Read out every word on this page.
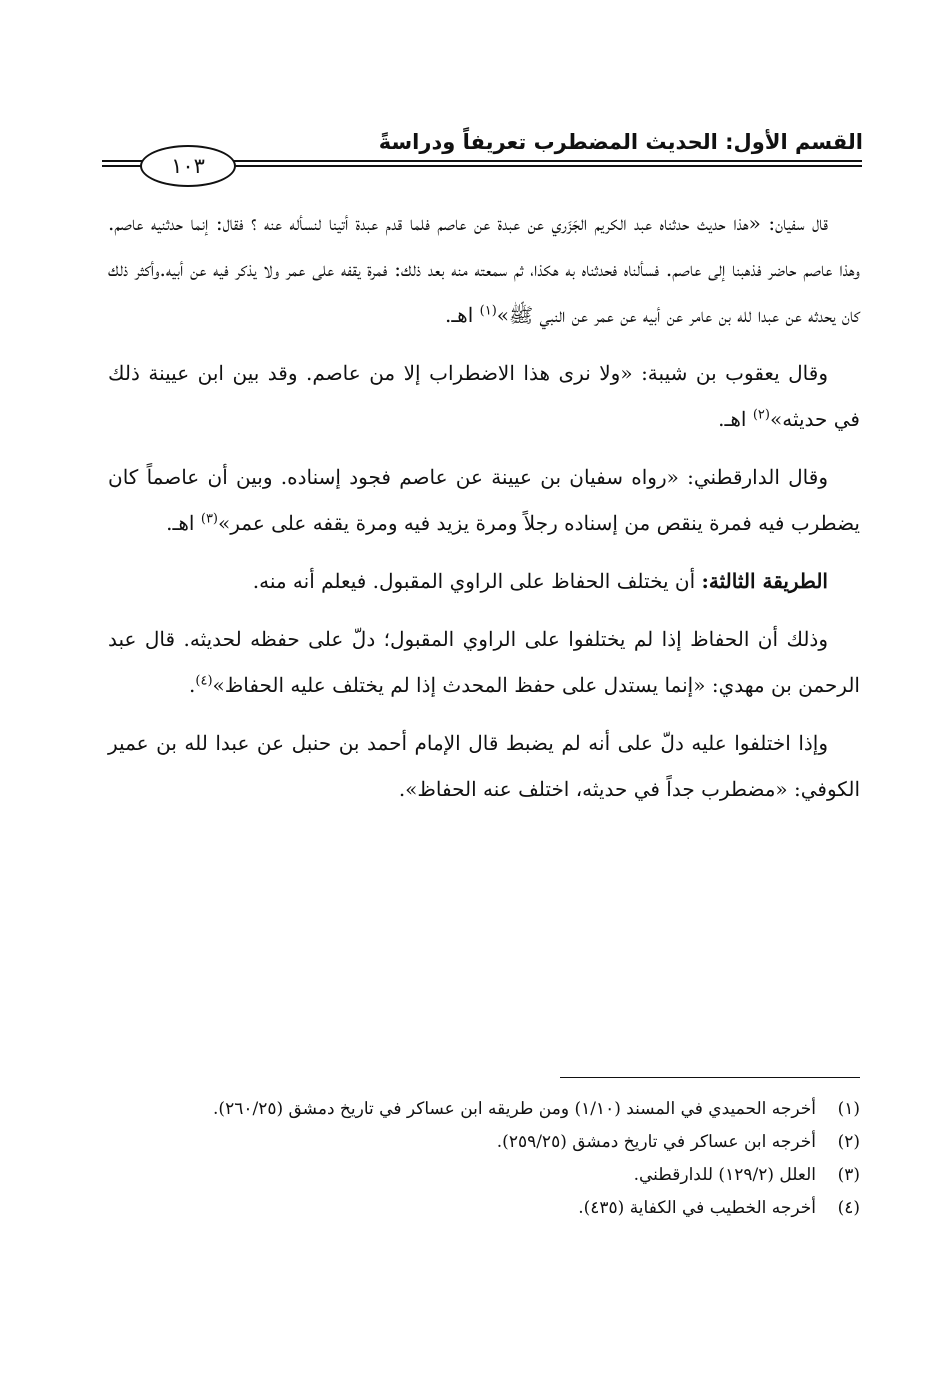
القسم الأول: الحديث المضطرب تعريفاً ودراسةً
١٠٣

قال سفيان: «هذا حديث حدثناه عبد الكريم الجَزَري عن عبدة عن عاصم فلما قدم عبدة أتينا لنسأله عنه ؟ فقال: إنما حدثنيه عاصم. وهذا عاصم حاضر فذهبنا إلى عاصم. فسألناه فحدثناه به هكذا، ثم سمعته منه بعد ذلك: فمرة يقفه على عمر ولا يذكر فيه عن أبيه.وأكثر ذلك كان يحدثه عن عبدا لله بن عامر عن أبيه عن عمر عن النبي ﷺ»$^{(١)}$ اهـ.

وقال يعقوب بن شيبة: «ولا نرى هذا الاضطراب إلا من عاصم. وقد بين ابن عيينة ذلك في حديثه»$^{(٢)}$ اهـ.

وقال الدارقطني: «رواه سفيان بن عيينة عن عاصم فجود إسناده. وبين أن عاصماً كان يضطرب فيه فمرة ينقص من إسناده رجلاً ومرة يزيد فيه ومرة يقفه على عمر»$^{(٣)}$ اهـ.

الطريقة الثالثة: أن يختلف الحفاظ على الراوي المقبول. فيعلم أنه منه.

وذلك أن الحفاظ إذا لم يختلفوا على الراوي المقبول؛ دلّ على حفظه لحديثه. قال عبد الرحمن بن مهدي: «إنما يستدل على حفظ المحدث إذا لم يختلف عليه الحفاظ»$^{(٤)}$.

وإذا اختلفوا عليه دلّ على أنه لم يضبط قال الإمام أحمد بن حنبل عن عبدا لله بن عمير الكوفي: «مضطرب جداً في حديثه، اختلف عنه الحفاظ».

(١)
أخرجه الحميدي في المسند (١/١٠) ومن طريقه ابن عساكر في تاريخ دمشق (٢٦٠/٢٥).
(٢)
أخرجه ابن عساكر في تاريخ دمشق (٢٥٩/٢٥).
(٣)
العلل (١٢٩/٢) للدارقطني.
(٤)
أخرجه الخطيب في الكفاية (٤٣٥).
